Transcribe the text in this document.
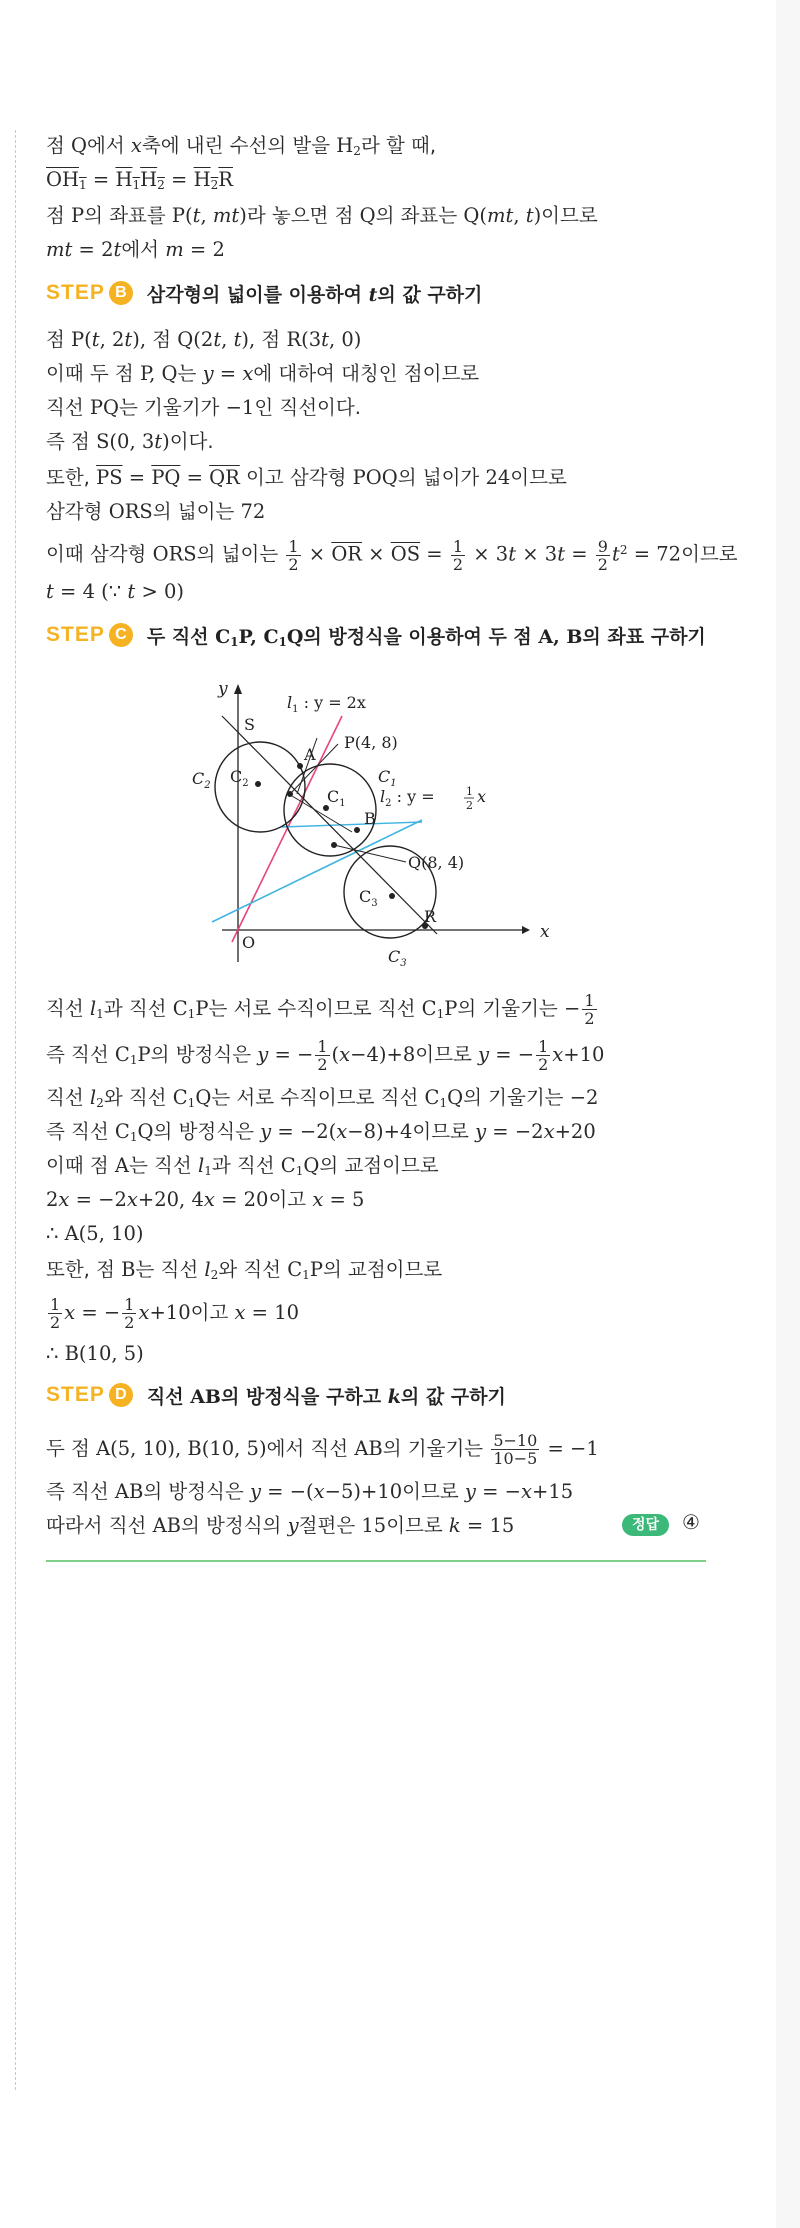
점 Q에서 x축에 내린 수선의 발을 $H_2$라 할 때,
$OH_1 = H_1H_2 = H_2R$
점 P의 좌표를 P(t, mt)라 놓으면 점 Q의 좌표는 Q(mt, t)이므로
mt = 2t에서 m = 2
STEP B	삼각형의 넓이를 이용하여 t의 값 구하기
점 P(t, 2t), 점 Q(2t, t), 점 R(3t, 0)
이때 두 점 P, Q는 y = x에 대하여 대칭인 점이므로
직선 PQ는 기울기가 −1인 직선이다.
즉 점 S(0, 3t)이다.
또한, $\overline{PS} = \overline{PQ} = \overline{QR}$ 이고 삼각형 POQ의 넓이가 24이므로
삼각형 ORS의 넓이는 72
이때 삼각형 ORS의 넓이는 $\frac{1}{2} \times \overline{OR} \times \overline{OS} = \frac{1}{2} \times 3t \times 3t = \frac{9}{2} t^2 = 72$이므로
t = 4 (∵ t > 0)
STEP C	두 직선 $C_1P$, $C_1Q$의 방정식을 이용하여 두 점 A, B의 좌표 구하기
y
x
O
S
A
B
R
P(4, 8)
Q(8, 4)
$l_1$ : y = 2x
$l_2$ : y =	1
2 x
$C_2$ $C_2$
$C_1$
$C_1$
$C_3$
$C_3$
직선 $l_1$과 직선 $C_1P$는 서로 수직이므로 직선 $C_1P$의 기울기는 − $\frac{1}{2}$
즉 직선 $C_1P$의 방정식은 y = − $\frac{1}{2} (x-4)+8$이므로 y = − $\frac{1}{2} x+10$
직선 $l_2$와 직선 $C_1Q$는 서로 수직이므로 직선 $C_1Q$의 기울기는 −2
즉 직선 $C_1Q$의 방정식은 y = −2(x−8)+4이므로 y = −2x+20
이때 점 A는 직선 $l_1$과 직선 $C_1Q$의 교점이므로
2x = −2x+20, 4x = 20이고 x = 5
∴ A(5, 10)
또한, 점 B는 직선 $l_2$와 직선 $C_1P$의 교점이므로
$\frac{1}{2}$ x = − $\frac{1}{2} x+10$이고 x = 10
∴ B(10, 5)
STEP D	직선 AB의 방정식을 구하고 k의 값 구하기
두 점 A(5, 10), B(10, 5)에서 직선 AB의 기울기는 $\frac{5-10}{10-5} = -1$
즉 직선 AB의 방정식은 y = −(x−5)+10이므로 y = −x+15
따라서 직선 AB의 방정식의 y절편은 15이므로 k = 15	정답	④
